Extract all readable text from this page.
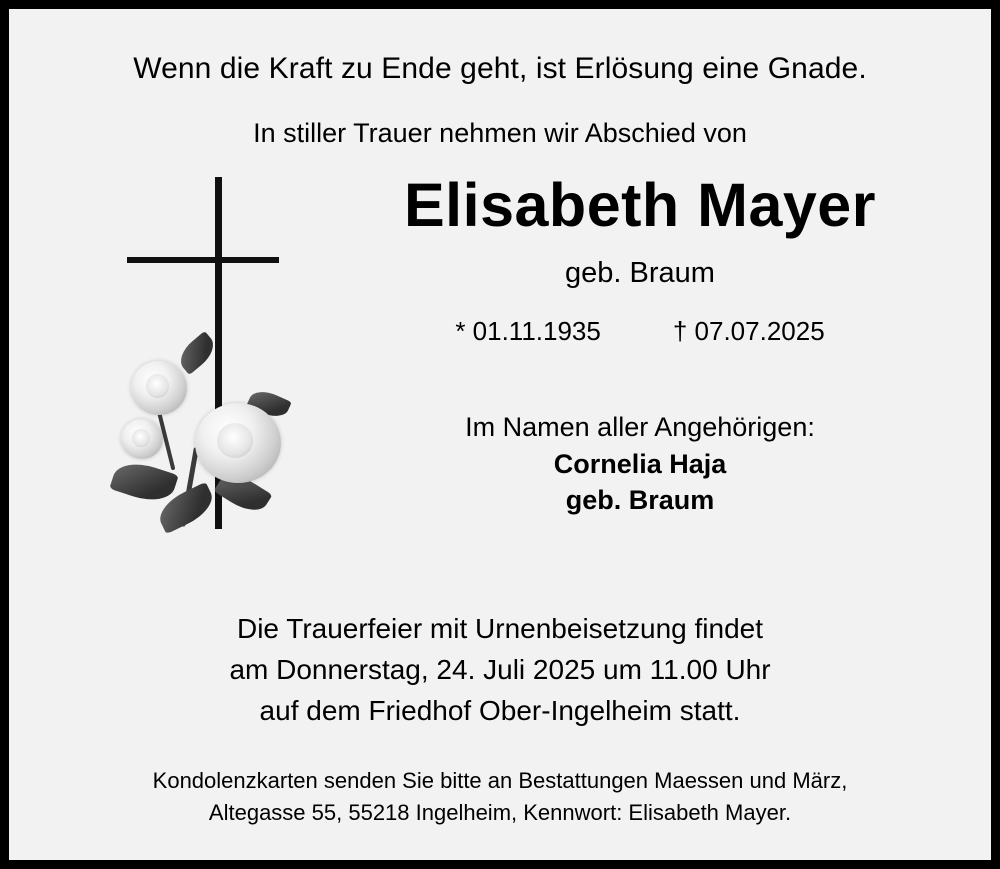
Wenn die Kraft zu Ende geht, ist Erlösung eine Gnade.
In stiller Trauer nehmen wir Abschied von
Elisabeth Mayer
geb. Braum
* 01.11.1935	† 07.07.2025
Im Namen aller Angehörigen:
Cornelia Haja
geb. Braum
Die Trauerfeier mit Urnenbeisetzung findet
am Donnerstag, 24. Juli 2025 um 11.00 Uhr
auf dem Friedhof Ober-Ingelheim statt.
Kondolenzkarten senden Sie bitte an Bestattungen Maessen und März,
Altegasse 55, 55218 Ingelheim, Kennwort: Elisabeth Mayer.
